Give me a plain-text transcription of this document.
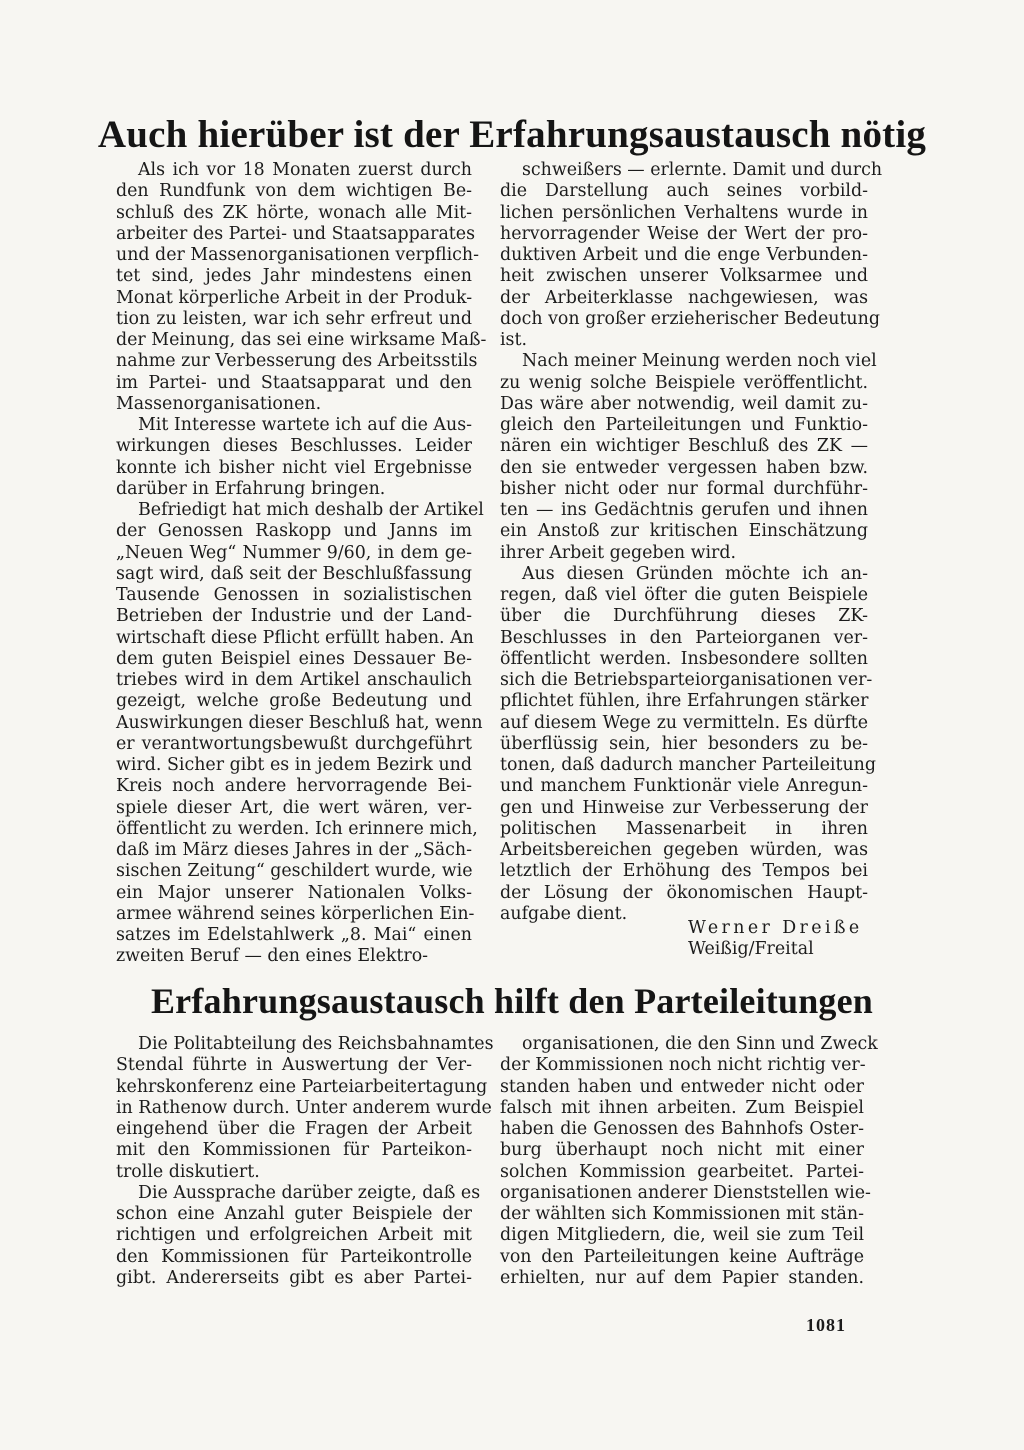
Auch hierüber ist der Erfahrungsaustausch nötig
Als ich vor 18 Monaten zuerst durch
den Rundfunk von dem wichtigen Be-
schluß des ZK hörte, wonach alle Mit-
arbeiter des Partei- und Staatsapparates
und der Massenorganisationen verpflich-
tet sind, jedes Jahr mindestens einen
Monat körperliche Arbeit in der Produk-
tion zu leisten, war ich sehr erfreut und
der Meinung, das sei eine wirksame Maß-
nahme zur Verbesserung des Arbeitsstils
im Partei- und Staatsapparat und den
Massenorganisationen.
Mit Interesse wartete ich auf die Aus-
wirkungen dieses Beschlusses. Leider
konnte ich bisher nicht viel Ergebnisse
darüber in Erfahrung bringen.
Befriedigt hat mich deshalb der Artikel
der Genossen Raskopp und Janns im
„Neuen Weg“ Nummer 9/60, in dem ge-
sagt wird, daß seit der Beschlußfassung
Tausende Genossen in sozialistischen
Betrieben der Industrie und der Land-
wirtschaft diese Pflicht erfüllt haben. An
dem guten Beispiel eines Dessauer Be-
triebes wird in dem Artikel anschaulich
gezeigt, welche große Bedeutung und
Auswirkungen dieser Beschluß hat, wenn
er verantwortungsbewußt durchgeführt
wird. Sicher gibt es in jedem Bezirk und
Kreis noch andere hervorragende Bei-
spiele dieser Art, die wert wären, ver-
öffentlicht zu werden. Ich erinnere mich,
daß im März dieses Jahres in der „Säch-
sischen Zeitung“ geschildert wurde, wie
ein Major unserer Nationalen Volks-
armee während seines körperlichen Ein-
satzes im Edelstahlwerk „8. Mai“ einen
zweiten Beruf — den eines Elektro-
schweißers — erlernte. Damit und durch
die Darstellung auch seines vorbild-
lichen persönlichen Verhaltens wurde in
hervorragender Weise der Wert der pro-
duktiven Arbeit und die enge Verbunden-
heit zwischen unserer Volksarmee und
der Arbeiterklasse nachgewiesen, was
doch von großer erzieherischer Bedeutung
ist.
Nach meiner Meinung werden noch viel
zu wenig solche Beispiele veröffentlicht.
Das wäre aber notwendig, weil damit zu-
gleich den Parteileitungen und Funktio-
nären ein wichtiger Beschluß des ZK —
den sie entweder vergessen haben bzw.
bisher nicht oder nur formal durchführ-
ten — ins Gedächtnis gerufen und ihnen
ein Anstoß zur kritischen Einschätzung
ihrer Arbeit gegeben wird.
Aus diesen Gründen möchte ich an-
regen, daß viel öfter die guten Beispiele
über die Durchführung dieses ZK-
Beschlusses in den Parteiorganen ver-
öffentlicht werden. Insbesondere sollten
sich die Betriebsparteiorganisationen ver-
pflichtet fühlen, ihre Erfahrungen stärker
auf diesem Wege zu vermitteln. Es dürfte
überflüssig sein, hier besonders zu be-
tonen, daß dadurch mancher Parteileitung
und manchem Funktionär viele Anregun-
gen und Hinweise zur Verbesserung der
politischen Massenarbeit in ihren
Arbeitsbereichen gegeben würden, was
letztlich der Erhöhung des Tempos bei
der Lösung der ökonomischen Haupt-
aufgabe dient.
Werner Dreiße
Weißig/Freital
Erfahrungsaustausch hilft den Parteileitungen
Die Politabteilung des Reichsbahnamtes
Stendal führte in Auswertung der Ver-
kehrskonferenz eine Parteiarbeitertagung
in Rathenow durch. Unter anderem wurde
eingehend über die Fragen der Arbeit
mit den Kommissionen für Parteikon-
trolle diskutiert.
Die Aussprache darüber zeigte, daß es
schon eine Anzahl guter Beispiele der
richtigen und erfolgreichen Arbeit mit
den Kommissionen für Parteikontrolle
gibt. Andererseits gibt es aber Partei-
organisationen, die den Sinn und Zweck
der Kommissionen noch nicht richtig ver-
standen haben und entweder nicht oder
falsch mit ihnen arbeiten. Zum Beispiel
haben die Genossen des Bahnhofs Oster-
burg überhaupt noch nicht mit einer
solchen Kommission gearbeitet. Partei-
organisationen anderer Dienststellen wie-
der wählten sich Kommissionen mit stän-
digen Mitgliedern, die, weil sie zum Teil
von den Parteileitungen keine Aufträge
erhielten, nur auf dem Papier standen.
1081
